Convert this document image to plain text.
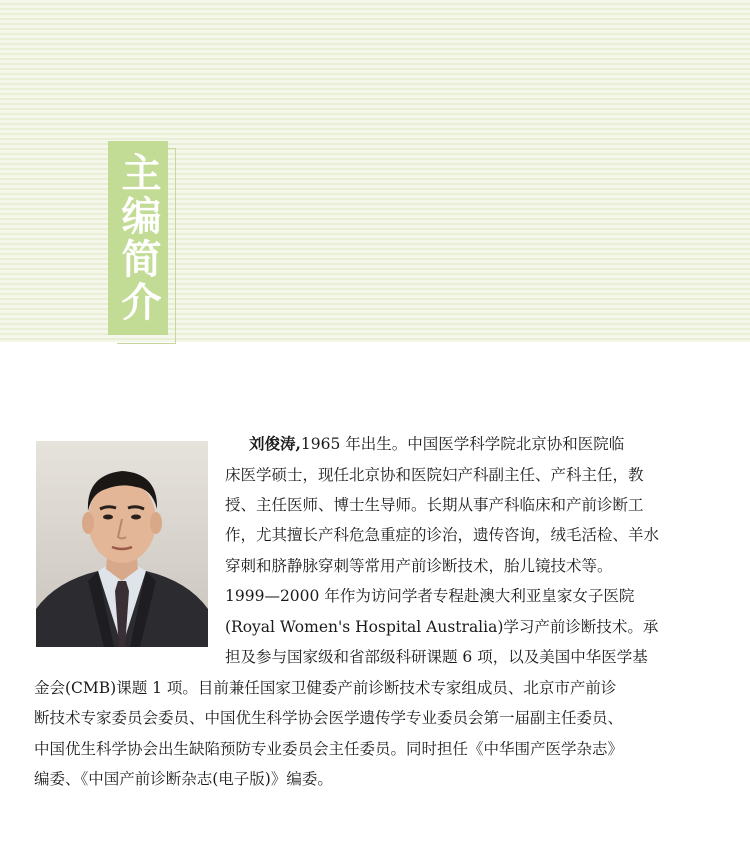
主编简介
刘俊涛,1965 年出生。中国医学科学院北京协和医院临
床医学硕士，现任北京协和医院妇产科副主任、产科主任，教
授、主任医师、博士生导师。长期从事产科临床和产前诊断工
作，尤其擅长产科危急重症的诊治，遗传咨询，绒毛活检、羊水
穿刺和脐静脉穿刺等常用产前诊断技术，胎儿镜技术等。
1999—2000 年作为访问学者专程赴澳大利亚皇家女子医院
(Royal Women's Hospital Australia)学习产前诊断技术。承
担及参与国家级和省部级科研课题 6 项，以及美国中华医学基
金会(CMB)课题 1 项。目前兼任国家卫健委产前诊断技术专家组成员、北京市产前诊
断技术专家委员会委员、中国优生科学协会医学遗传学专业委员会第一届副主任委员、
中国优生科学协会出生缺陷预防专业委员会主任委员。同时担任《中华围产医学杂志》
编委、《中国产前诊断杂志(电子版)》编委。
